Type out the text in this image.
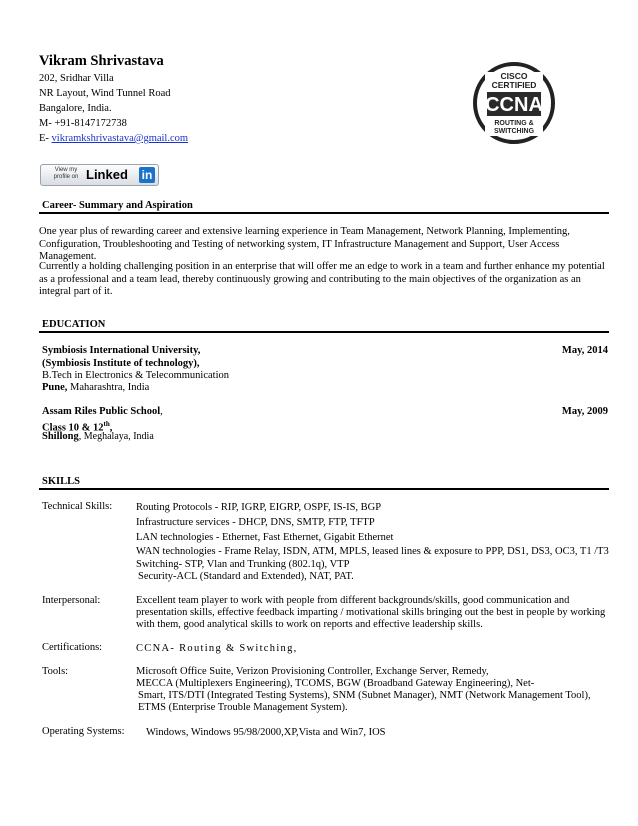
Vikram Shrivastava
202, Sridhar Villa
NR Layout, Wind Tunnel Road
Bangalore, India.
M- +91-8147172738
E- vikramkshrivastava@gmail.com
View my
profile on Linked in
CISCO
CERTIFIED
CCNA
ROUTING &
SWITCHING
Career- Summary and Aspiration
One year plus of rewarding career and extensive learning experience in Team Management, Network Planning, Implementing, Configuration, Troubleshooting and Testing of networking system, IT Infrastructure Management and Support, User Access Management.
Currently a holding challenging position in an enterprise that will offer me an edge to work in a team and further enhance my potential as a professional and a team lead, thereby continuously growing and contributing to the main objectives of the organization as an integral part of it.
EDUCATION
Symbiosis International University,	May, 2014
(Symbiosis Institute of technology),
B.Tech in Electronics & Telecommunication
Pune, Maharashtra, India
Assam Riles Public School,	May, 2009
Class 10 & 12th,
Shillong, Meghalaya, India
SKILLS
Technical Skills: Routing Protocols - RIP, IGRP, EIGRP, OSPF, IS-IS, BGP
Infrastructure services - DHCP, DNS, SMTP, FTP, TFTP
LAN technologies - Ethernet, Fast Ethernet, Gigabit Ethernet
WAN technologies - Frame Relay, ISDN, ATM, MPLS, leased lines & exposure to PPP, DS1, DS3, OC3, T1 /T3
Switching- STP, Vlan and Trunking (802.1q), VTP
Security-ACL (Standard and Extended), NAT, PAT.
Interpersonal:	Excellent team player to work with people from different backgrounds/skills, good communication and
presentation skills, effective feedback imparting / motivational skills bringing out the best in people by working
with them, good analytical skills to work on reports and effective leadership skills.
Certifications:	CCNA- Routing & Switching,
Tools:	Microsoft Office Suite, Verizon Provisioning Controller, Exchange Server, Remedy,
MECCA (Multiplexers Engineering), TCOMS, BGW (Broadband Gateway Engineering), Net-
Smart, ITS/DTI (Integrated Testing Systems), SNM (Subnet Manager), NMT (Network Management Tool),
ETMS (Enterprise Trouble Management System).
Operating Systems: Windows, Windows 95/98/2000,XP,Vista and Win7, IOS
